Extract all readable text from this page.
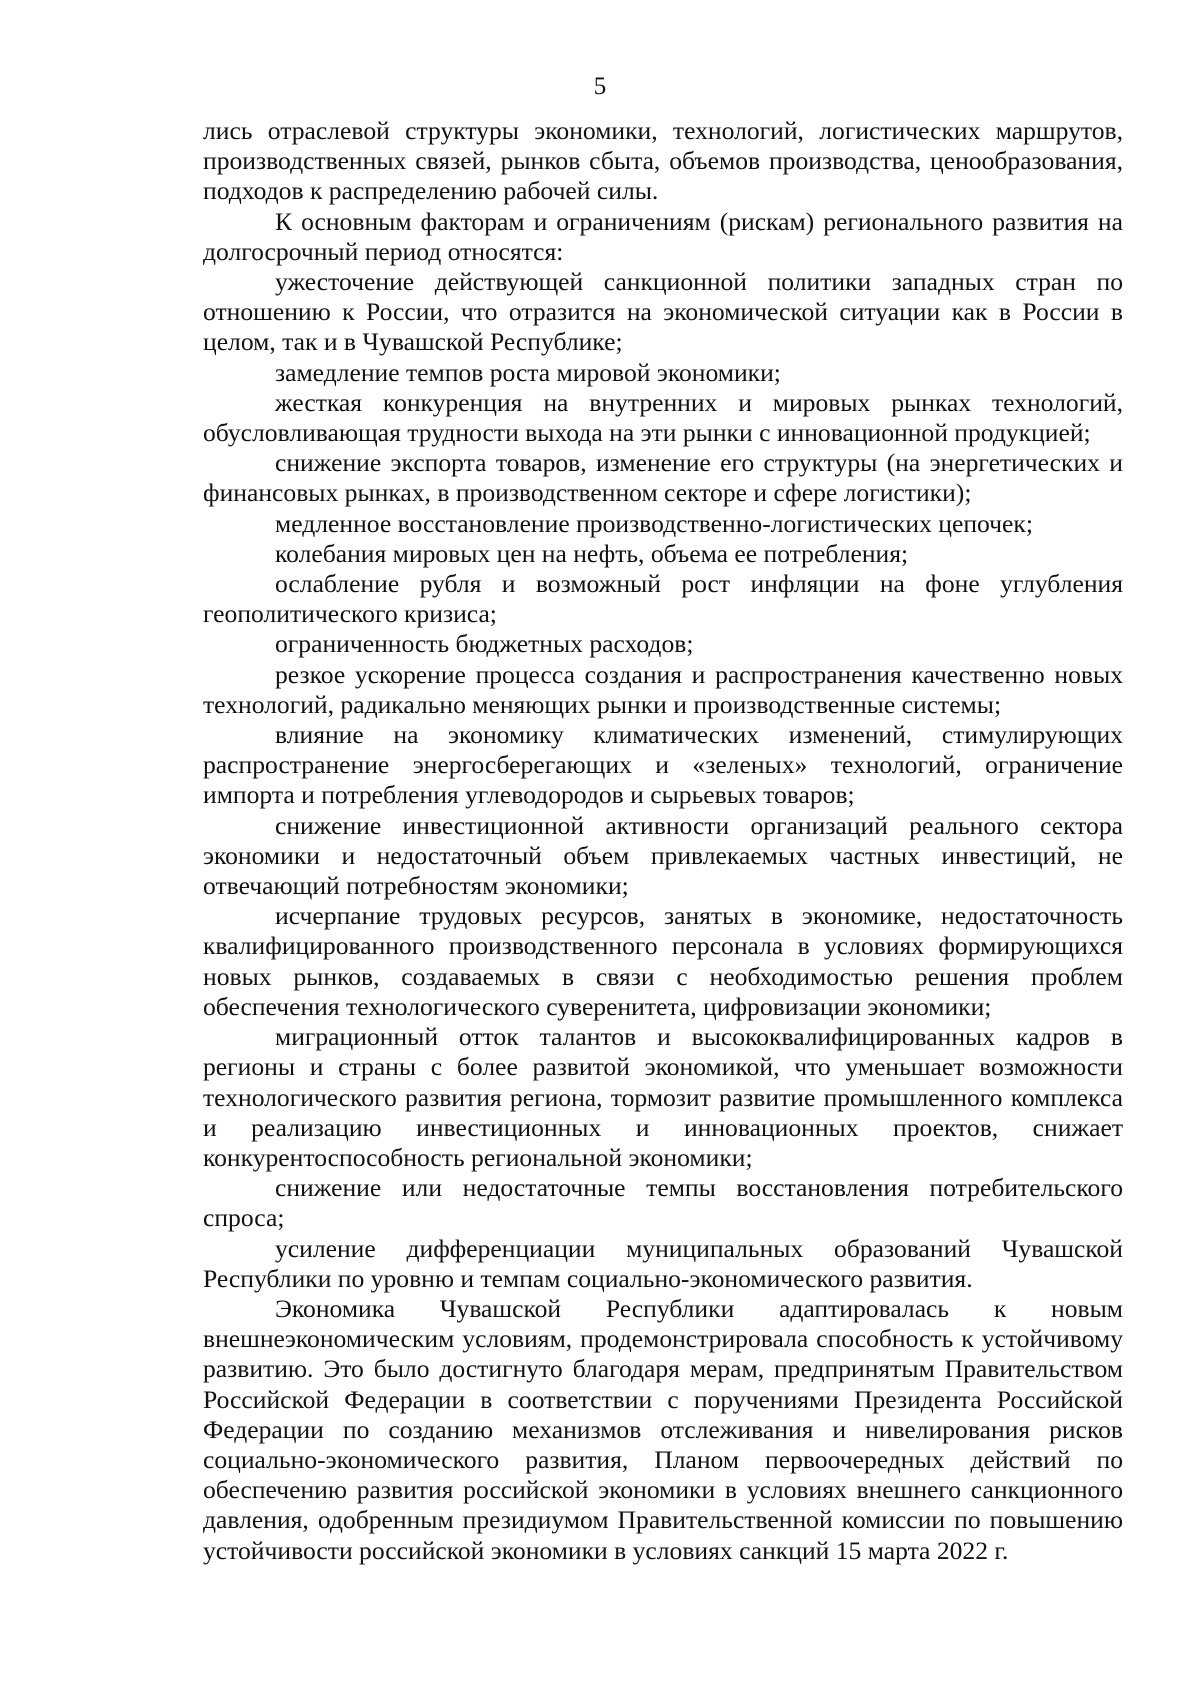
5

лись отраслевой структуры экономики, технологий, логистических маршрутов, производственных связей, рынков сбыта, объемов производства, ценообразования, подходов к распределению рабочей силы.

К основным факторам и ограничениям (рискам) регионального развития на долгосрочный период относятся:

ужесточение действующей санкционной политики западных стран по отношению к России, что отразится на экономической ситуации как в России в целом, так и в Чувашской Республике;

замедление темпов роста мировой экономики;

жесткая конкуренция на внутренних и мировых рынках технологий, обусловливающая трудности выхода на эти рынки с инновационной продукцией;

снижение экспорта товаров, изменение его структуры (на энергетических и финансовых рынках, в производственном секторе и сфере логистики);

медленное восстановление производственно-логистических цепочек;

колебания мировых цен на нефть, объема ее потребления;

ослабление рубля и возможный рост инфляции на фоне углубления геополитического кризиса;

ограниченность бюджетных расходов;

резкое ускорение процесса создания и распространения качественно новых технологий, радикально меняющих рынки и производственные системы;

влияние на экономику климатических изменений, стимулирующих распространение энергосберегающих и «зеленых» технологий, ограничение импорта и потребления углеводородов и сырьевых товаров;

снижение инвестиционной активности организаций реального сектора экономики и недостаточный объем привлекаемых частных инвестиций, не отвечающий потребностям экономики;

исчерпание трудовых ресурсов, занятых в экономике, недостаточность квалифицированного производственного персонала в условиях формирующихся новых рынков, создаваемых в связи с необходимостью решения проблем обеспечения технологического суверенитета, цифровизации экономики;

миграционный отток талантов и высококвалифицированных кадров в регионы и страны с более развитой экономикой, что уменьшает возможности технологического развития региона, тормозит развитие промышленного комплекса и реализацию инвестиционных и инновационных проектов, снижает конкурентоспособность региональной экономики;

снижение или недостаточные темпы восстановления потребительского спроса;

усиление дифференциации муниципальных образований Чувашской Республики по уровню и темпам социально-экономического развития.

Экономика Чувашской Республики адаптировалась к новым внешнеэкономическим условиям, продемонстрировала способность к устойчивому развитию. Это было достигнуто благодаря мерам, предпринятым Правительством Российской Федерации в соответствии с поручениями Президента Российской Федерации по созданию механизмов отслеживания и нивелирования рисков социально-экономического развития, Планом первоочередных действий по обеспечению развития российской экономики в условиях внешнего санкционного давления, одобренным президиумом Правительственной комиссии по повышению устойчивости российской экономики в условиях санкций 15 марта 2022 г.
